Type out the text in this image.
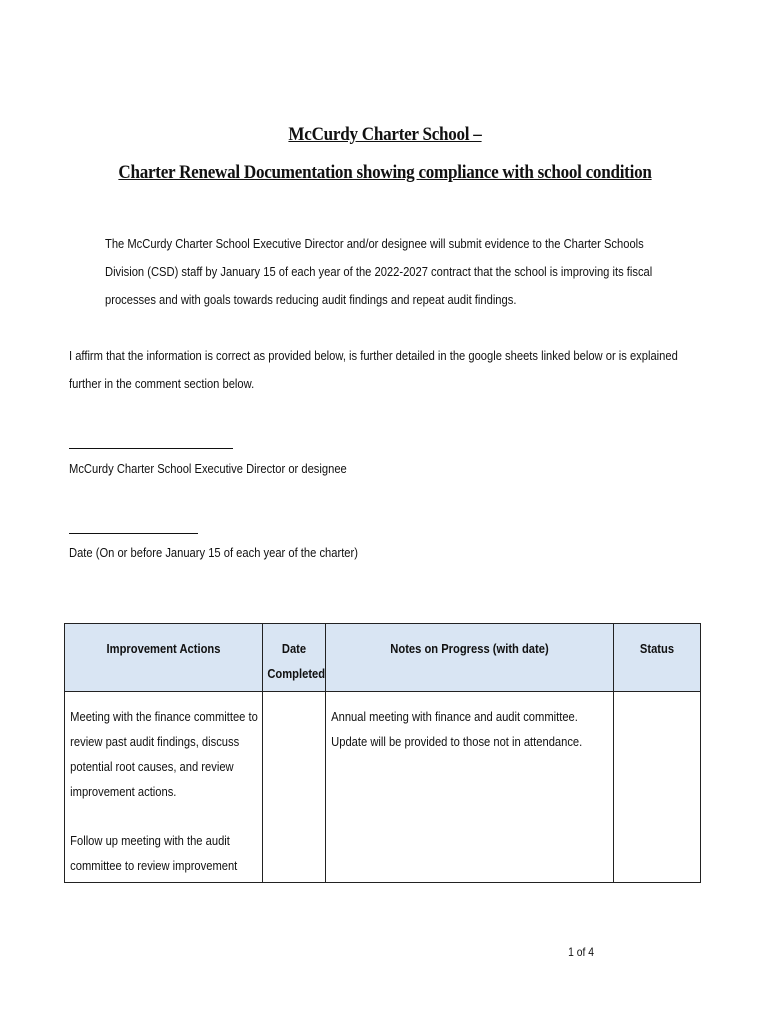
McCurdy Charter School –
Charter Renewal Documentation showing compliance with school condition
The McCurdy Charter School Executive Director and/or designee will submit evidence to the Charter Schools Division (CSD) staff by January 15 of each year of the 2022-2027 contract that the school is improving its fiscal processes and with goals towards reducing audit findings and repeat audit findings.
I affirm that the information is correct as provided below, is further detailed in the google sheets linked below or is explained further in the comment section below.
McCurdy Charter School Executive Director or designee
Date (On or before January 15 of each year of the charter)
Improvement Actions	Date Completed	Notes on Progress (with date)	Status

Meeting with the finance committee to review past audit findings, discuss potential root causes, and review improvement actions.
Follow up meeting with the audit committee to review improvement		Annual meeting with finance and audit committee. Update will be provided to those not in attendance.	

1 of 4
